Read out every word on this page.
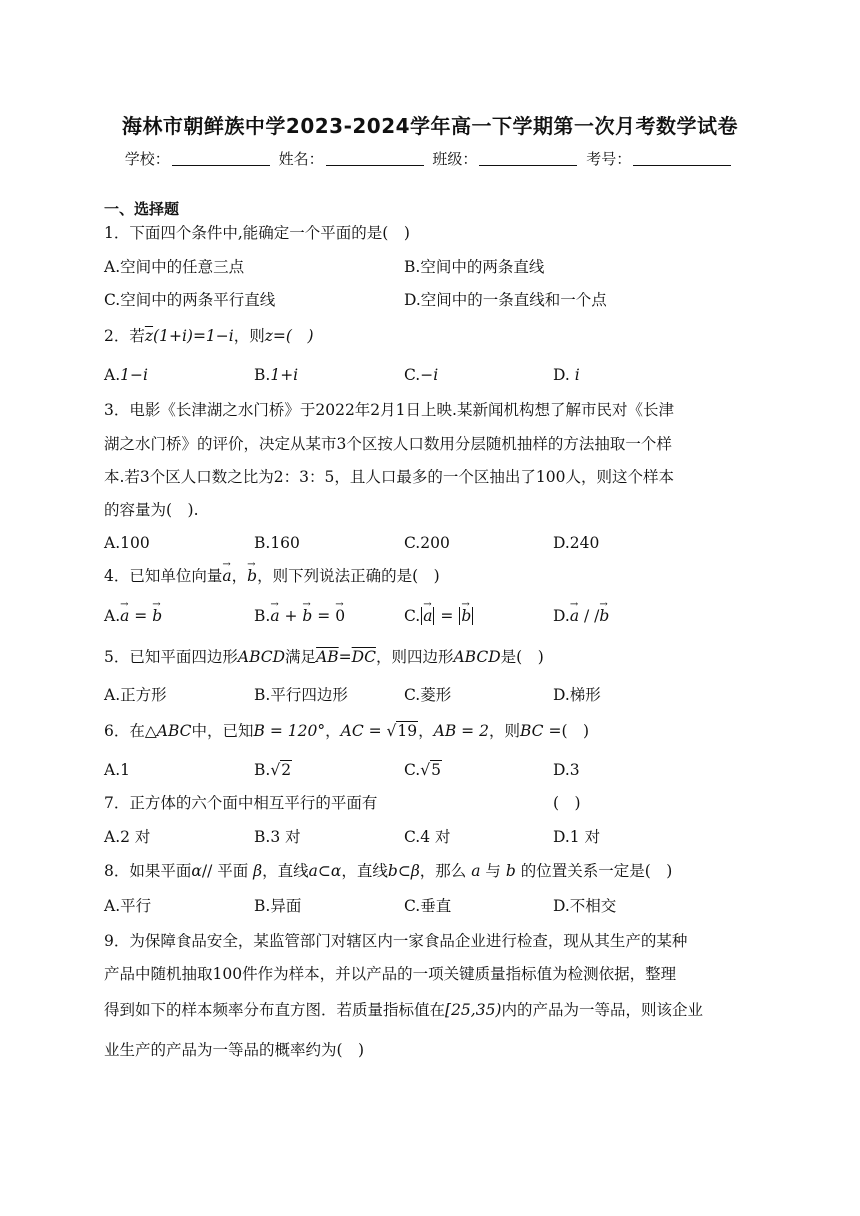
海林市朝鲜族中学2023-2024学年高一下学期第一次月考数学试卷
学校：	姓名：	班级：	考号：
一、选择题
1．下面四个条件中,能确定一个平面的是(　)
A.空间中的任意三点	B.空间中的两条直线
C.空间中的两条平行直线	D.空间中的一条直线和一个点
2．若$\overline{z}(1+i)=1-i$，则z=(　)
A.1−i	B.1+i	C.−i	D. i
3．电影《长津湖之水门桥》于2022年2月1日上映.某新闻机构想了解市民对《长津
湖之水门桥》的评价，决定从某市3个区按人口数用分层随机抽样的方法抽取一个样
本.若3个区人口数之比为2：3：5，且人口最多的一个区抽出了100人，则这个样本
的容量为(　).
A.100	B.160	C.200	D.240
4．已知单位向量→ a，→ b，则下列说法正确的是(　)
A.→ a = → b	B.→ a + → b = → 0	C. → a = → b	D.→ a / /→ b
5．已知平面四边形ABCD满足$\overline{AB}=\overline{DC}$，则四边形ABCD是(　)
A.正方形	B.平行四边形	C.菱形	D.梯形
6．在△ABC中，已知B = 120°，AC = √19，AB = 2，则BC =(　)
A.1	B.√2	C.√5	D.3
7．正方体的六个面中相互平行的平面有	(　)
A.2 对	B.3 对	C.4 对	D.1 对
8．如果平面α// 平面 β，直线a⊂α，直线b⊂β，那么 a 与 b 的位置关系一定是(　)
A.平行	B.异面	C.垂直	D.不相交
9．为保障食品安全，某监管部门对辖区内一家食品企业进行检查，现从其生产的某种
产品中随机抽取100件作为样本，并以产品的一项关键质量指标值为检测依据，整理
得到如下的样本频率分布直方图．若质量指标值在[25,35)内的产品为一等品，则该企业
业生产的产品为一等品的概率约为(　)
